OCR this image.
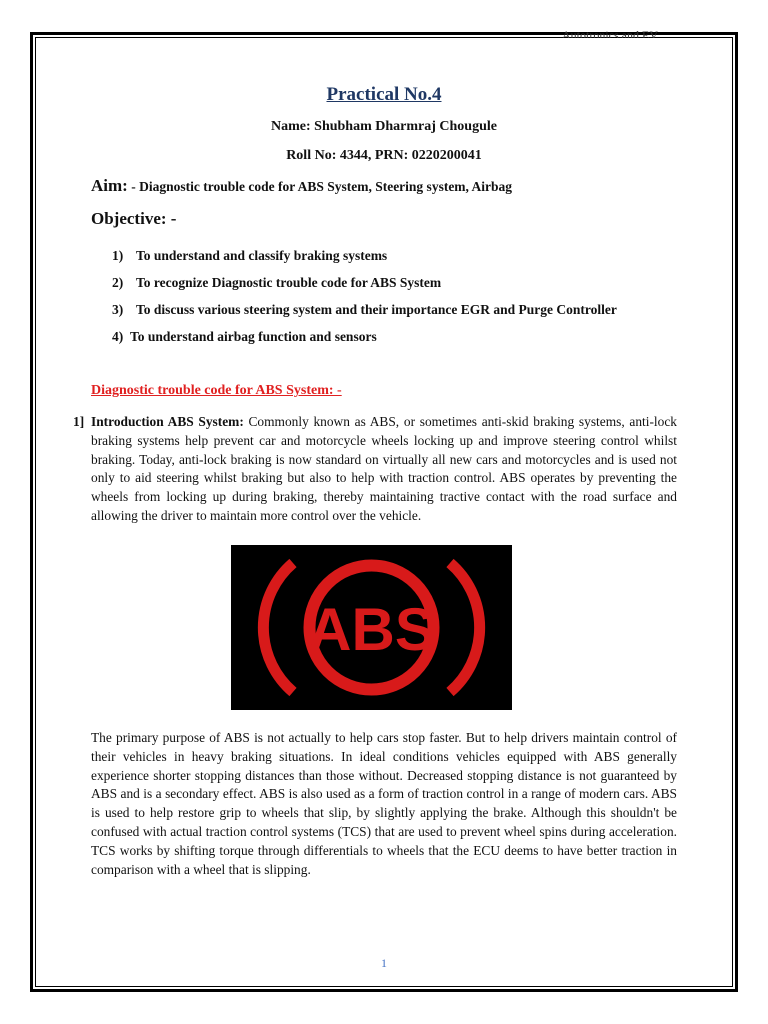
Autotronics and EV
Practical No.4
Name: Shubham Dharmraj Chougule
Roll No: 4344, PRN: 0220200041
Aim: - Diagnostic trouble code for ABS System, Steering system, Airbag
Objective: -
1) To understand and classify braking systems
2) To recognize Diagnostic trouble code for ABS System
3) To discuss various steering system and their importance EGR and Purge Controller
4) To understand airbag function and sensors
Diagnostic trouble code for ABS System: -
1] Introduction ABS System: Commonly known as ABS, or sometimes anti-skid braking systems, anti-lock braking systems help prevent car and motorcycle wheels locking up and improve steering control whilst braking. Today, anti-lock braking is now standard on virtually all new cars and motorcycles and is used not only to aid steering whilst braking but also to help with traction control. ABS operates by preventing the wheels from locking up during braking, thereby maintaining tractive contact with the road surface and allowing the driver to maintain more control over the vehicle.
ABS
The primary purpose of ABS is not actually to help cars stop faster. But to help drivers maintain control of their vehicles in heavy braking situations. In ideal conditions vehicles equipped with ABS generally experience shorter stopping distances than those without. Decreased stopping distance is not guaranteed by ABS and is a secondary effect. ABS is also used as a form of traction control in a range of modern cars. ABS is used to help restore grip to wheels that slip, by slightly applying the brake. Although this shouldn't be confused with actual traction control systems (TCS) that are used to prevent wheel spins during acceleration. TCS works by shifting torque through differentials to wheels that the ECU deems to have better traction in comparison with a wheel that is slipping.
1
